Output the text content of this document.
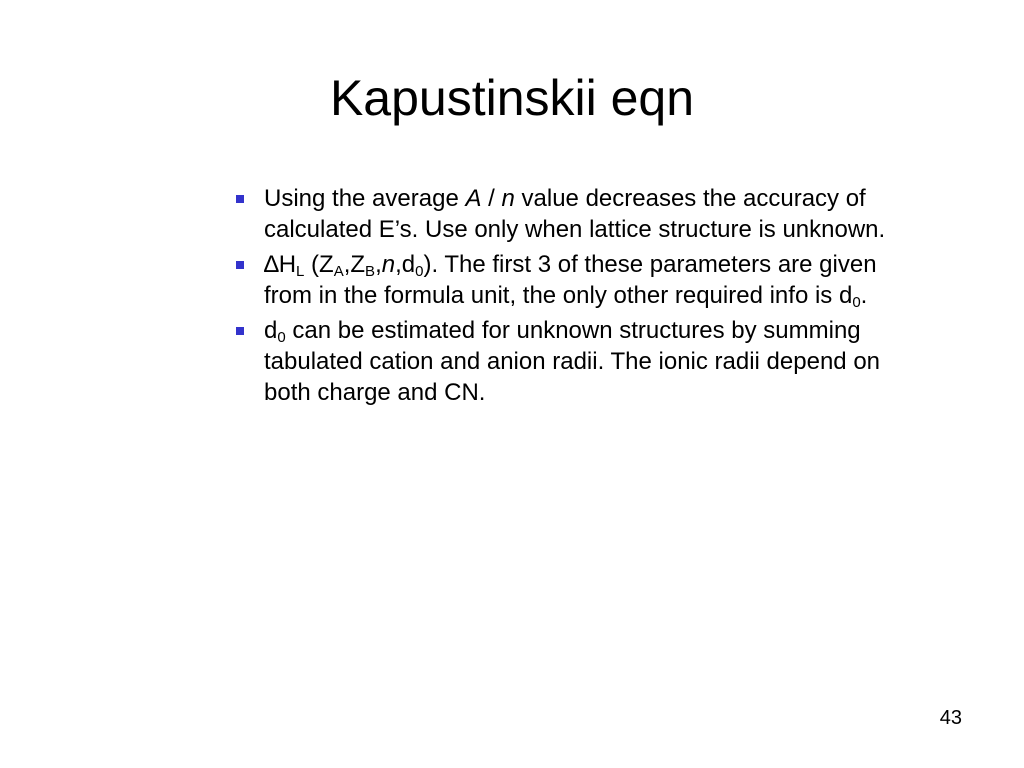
Kapustinskii eqn
Using the average A / n value decreases the accuracy of calculated E’s. Use only when lattice structure is unknown.
$\Delta H_L$ $(Z_A,Z_B,n,d_0)$. The first 3 of these parameters are given from in the formula unit, the only other required info is $d_0$.
$d_0$ can be estimated for unknown structures by summing tabulated cation and anion radii. The ionic radii depend on both charge and CN.
43
